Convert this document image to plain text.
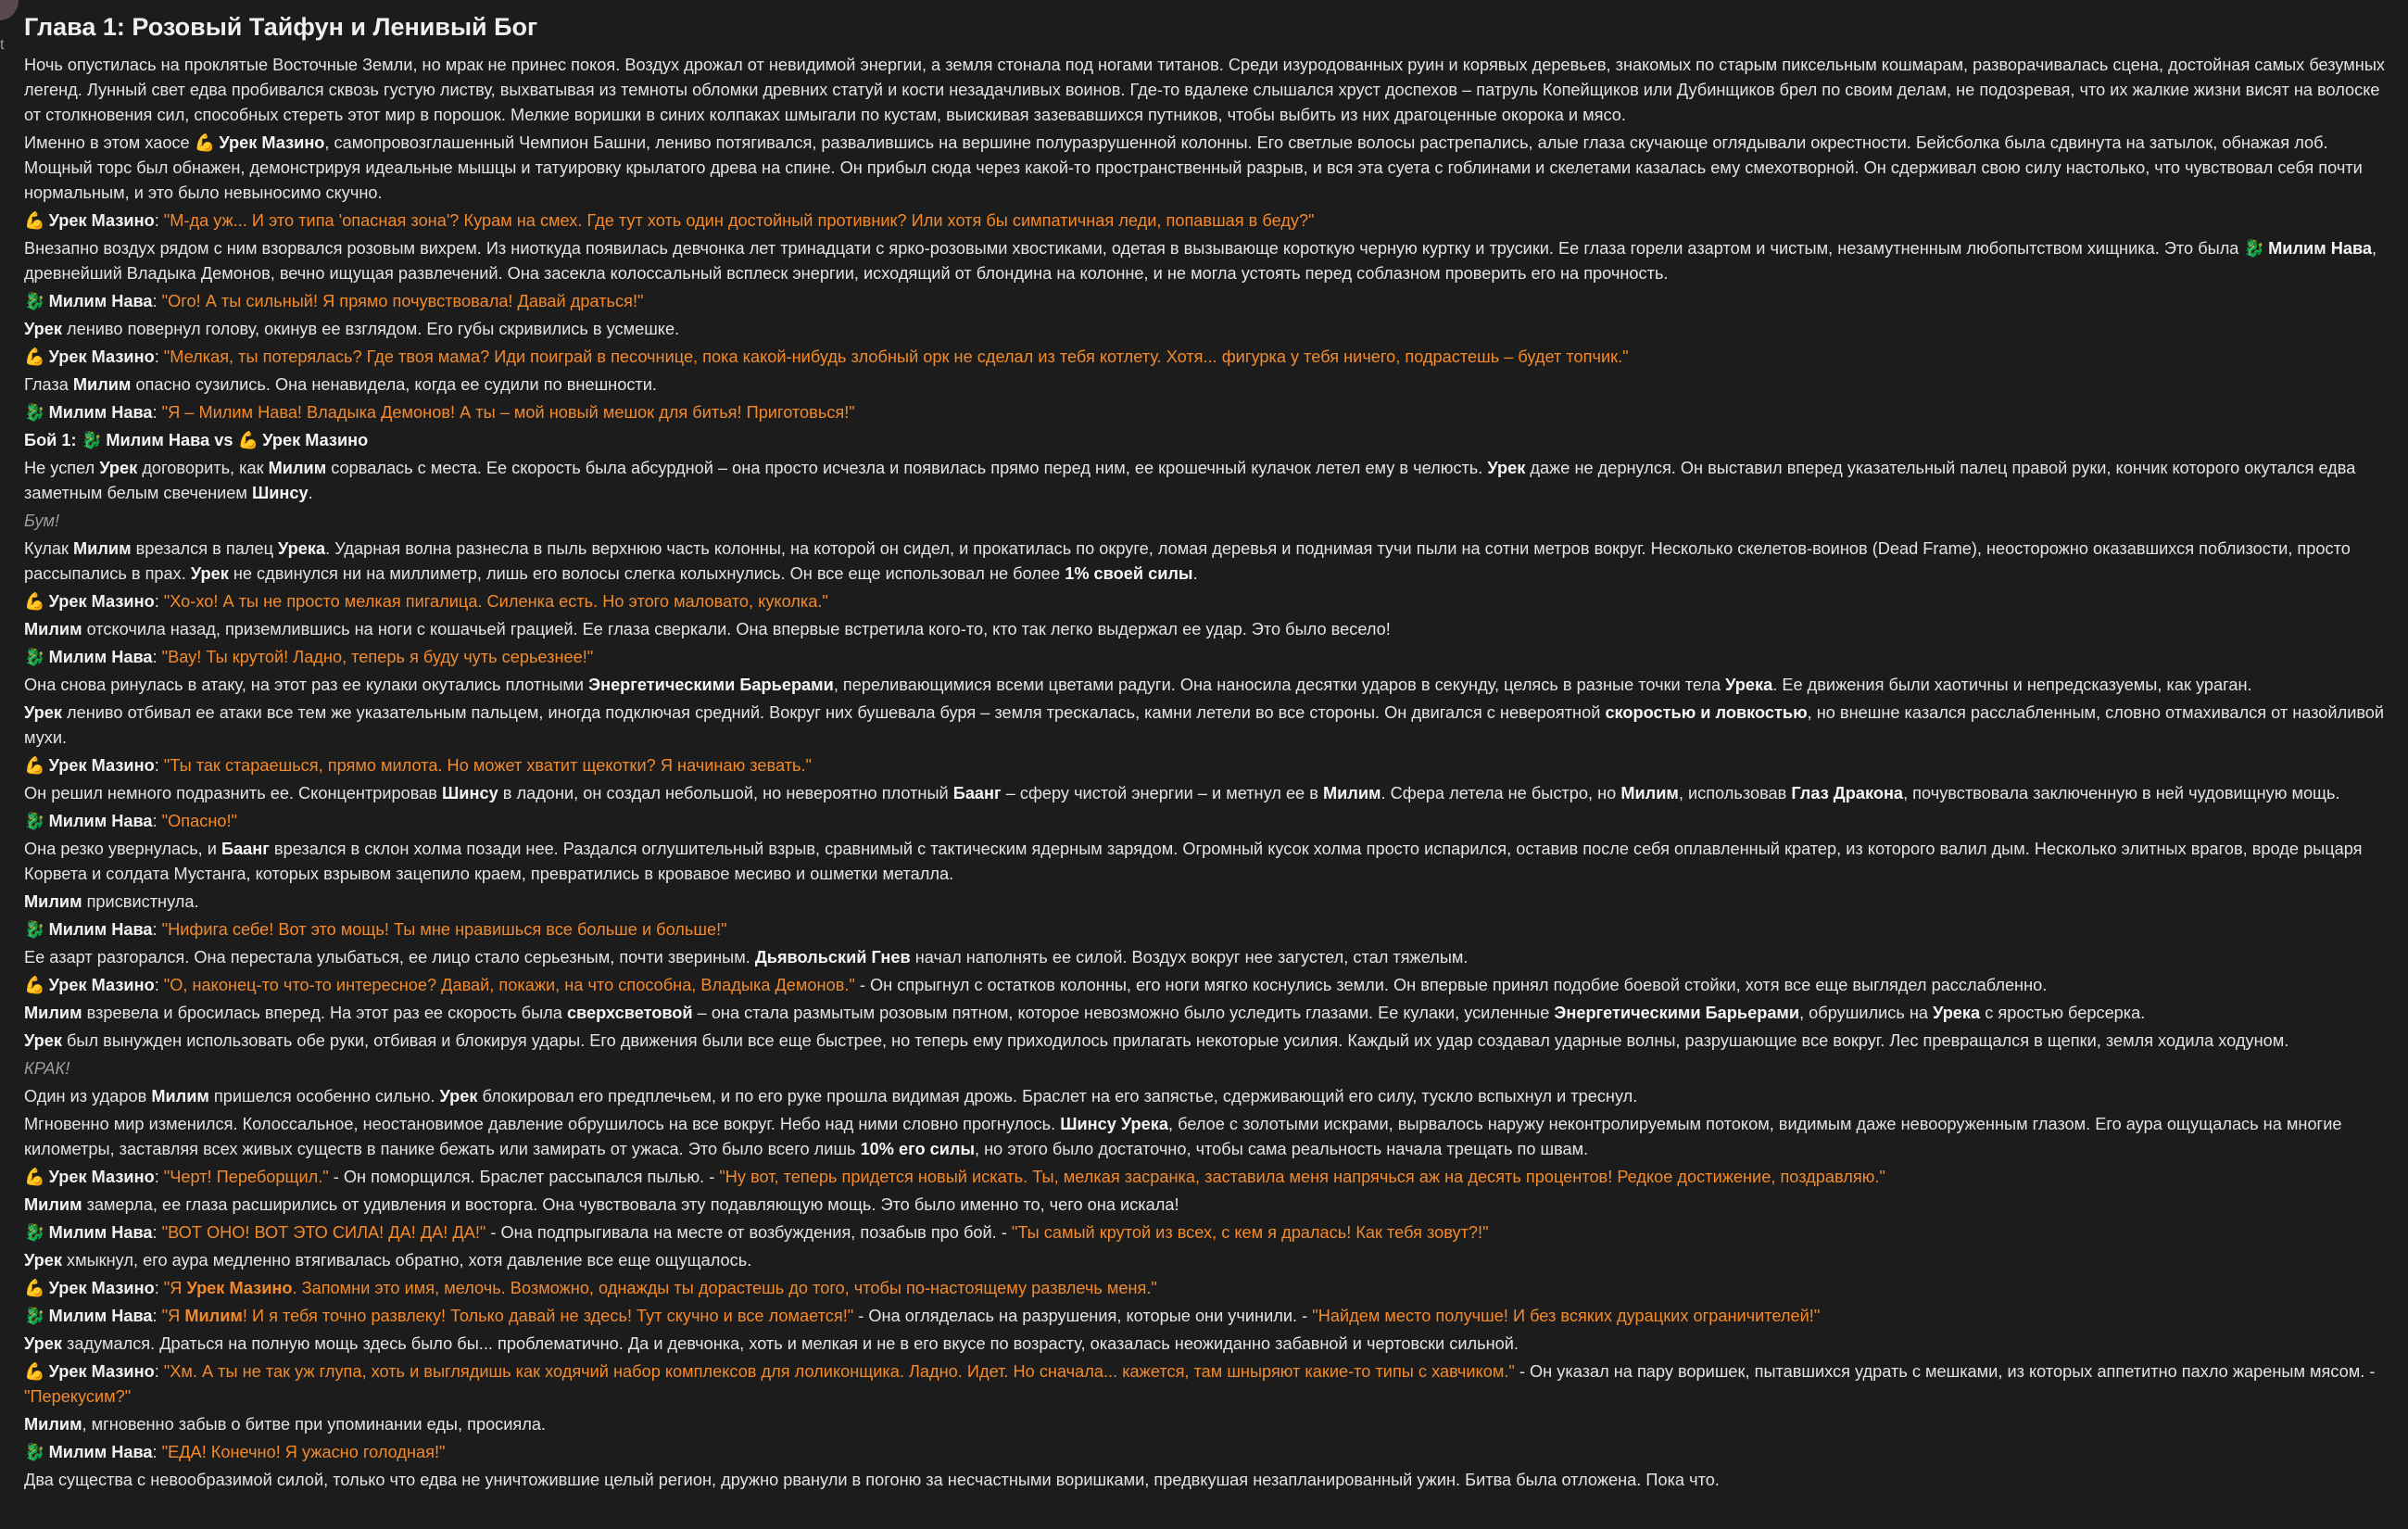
t
Глава 1: Розовый Тайфун и Ленивый Бог

Ночь опустилась на проклятые Восточные Земли, но мрак не принес покоя. Воздух дрожал от невидимой энергии, а земля стонала под ногами титанов. Среди изуродованных руин и корявых деревьев, знакомых по старым пиксельным кошмарам, разворачивалась сцена, достойная самых безумных легенд. Лунный свет едва пробивался сквозь густую листву, выхватывая из темноты обломки древних статуй и кости незадачливых воинов. Где-то вдалеке слышался хруст доспехов – патруль Копейщиков или Дубинщиков брел по своим делам, не подозревая, что их жалкие жизни висят на волоске от столкновения сил, способных стереть этот мир в порошок. Мелкие воришки в синих колпаках шмыгали по кустам, выискивая зазевавшихся путников, чтобы выбить из них драгоценные окорока и мясо.

Именно в этом хаосе 💪 Урек Мазино, самопровозглашенный Чемпион Башни, лениво потягивался, развалившись на вершине полуразрушенной колонны. Его светлые волосы растрепались, алые глаза скучающе оглядывали окрестности. Бейсболка была сдвинута на затылок, обнажая лоб. Мощный торс был обнажен, демонстрируя идеальные мышцы и татуировку крылатого древа на спине. Он прибыл сюда через какой-то пространственный разрыв, и вся эта суета с гоблинами и скелетами казалась ему смехотворной. Он сдерживал свою силу настолько, что чувствовал себя почти нормальным, и это было невыносимо скучно.

💪 Урек Мазино: "М-да уж... И это типа 'опасная зона'? Курам на смех. Где тут хоть один достойный противник? Или хотя бы симпатичная леди, попавшая в беду?"

Внезапно воздух рядом с ним взорвался розовым вихрем. Из ниоткуда появилась девчонка лет тринадцати с ярко-розовыми хвостиками, одетая в вызывающе короткую черную куртку и трусики. Ее глаза горели азартом и чистым, незамутненным любопытством хищника. Это была 🐉 Милим Нава, древнейший Владыка Демонов, вечно ищущая развлечений. Она засекла колоссальный всплеск энергии, исходящий от блондина на колонне, и не могла устоять перед соблазном проверить его на прочность.

🐉 Милим Нава: "Ого! А ты сильный! Я прямо почувствовала! Давай драться!"

Урек лениво повернул голову, окинув ее взглядом. Его губы скривились в усмешке.

💪 Урек Мазино: "Мелкая, ты потерялась? Где твоя мама? Иди поиграй в песочнице, пока какой-нибудь злобный орк не сделал из тебя котлету. Хотя... фигурка у тебя ничего, подрастешь – будет топчик."

Глаза Милим опасно сузились. Она ненавидела, когда ее судили по внешности.

🐉 Милим Нава: "Я – Милим Нава! Владыка Демонов! А ты – мой новый мешок для битья! Приготовься!"

Бой 1: 🐉 Милим Нава vs 💪 Урек Мазино

Не успел Урек договорить, как Милим сорвалась с места. Ее скорость была абсурдной – она просто исчезла и появилась прямо перед ним, ее крошечный кулачок летел ему в челюсть. Урек даже не дернулся. Он выставил вперед указательный палец правой руки, кончик которого окутался едва заметным белым свечением Шинсу.

Бум!

Кулак Милим врезался в палец Урека. Ударная волна разнесла в пыль верхнюю часть колонны, на которой он сидел, и прокатилась по округе, ломая деревья и поднимая тучи пыли на сотни метров вокруг. Несколько скелетов-воинов (Dead Frame), неосторожно оказавшихся поблизости, просто рассыпались в прах. Урек не сдвинулся ни на миллиметр, лишь его волосы слегка колыхнулись. Он все еще использовал не более 1% своей силы.

💪 Урек Мазино: "Хо-хо! А ты не просто мелкая пигалица. Силенка есть. Но этого маловато, куколка."

Милим отскочила назад, приземлившись на ноги с кошачьей грацией. Ее глаза сверкали. Она впервые встретила кого-то, кто так легко выдержал ее удар. Это было весело!

🐉 Милим Нава: "Вау! Ты крутой! Ладно, теперь я буду чуть серьезнее!"

Она снова ринулась в атаку, на этот раз ее кулаки окутались плотными Энергетическими Барьерами, переливающимися всеми цветами радуги. Она наносила десятки ударов в секунду, целясь в разные точки тела Урека. Ее движения были хаотичны и непредсказуемы, как ураган.

Урек лениво отбивал ее атаки все тем же указательным пальцем, иногда подключая средний. Вокруг них бушевала буря – земля трескалась, камни летели во все стороны. Он двигался с невероятной скоростью и ловкостью, но внешне казался расслабленным, словно отмахивался от назойливой мухи.

💪 Урек Мазино: "Ты так стараешься, прямо милота. Но может хватит щекотки? Я начинаю зевать."

Он решил немного подразнить ее. Сконцентрировав Шинсу в ладони, он создал небольшой, но невероятно плотный Баанг – сферу чистой энергии – и метнул ее в Милим. Сфера летела не быстро, но Милим, использовав Глаз Дракона, почувствовала заключенную в ней чудовищную мощь.

🐉 Милим Нава: "Опасно!"

Она резко увернулась, и Баанг врезался в склон холма позади нее. Раздался оглушительный взрыв, сравнимый с тактическим ядерным зарядом. Огромный кусок холма просто испарился, оставив после себя оплавленный кратер, из которого валил дым. Несколько элитных врагов, вроде рыцаря Корвета и солдата Мустанга, которых взрывом зацепило краем, превратились в кровавое месиво и ошметки металла.

Милим присвистнула.

🐉 Милим Нава: "Нифига себе! Вот это мощь! Ты мне нравишься все больше и больше!"

Ее азарт разгорался. Она перестала улыбаться, ее лицо стало серьезным, почти звериным. Дьявольский Гнев начал наполнять ее силой. Воздух вокруг нее загустел, стал тяжелым.

💪 Урек Мазино: "О, наконец-то что-то интересное? Давай, покажи, на что способна, Владыка Демонов." - Он спрыгнул с остатков колонны, его ноги мягко коснулись земли. Он впервые принял подобие боевой стойки, хотя все еще выглядел расслабленно.

Милим взревела и бросилась вперед. На этот раз ее скорость была сверхсветовой – она стала размытым розовым пятном, которое невозможно было уследить глазами. Ее кулаки, усиленные Энергетическими Барьерами, обрушились на Урека с яростью берсерка.

Урек был вынужден использовать обе руки, отбивая и блокируя удары. Его движения были все еще быстрее, но теперь ему приходилось прилагать некоторые усилия. Каждый их удар создавал ударные волны, разрушающие все вокруг. Лес превращался в щепки, земля ходила ходуном.

КРАК!

Один из ударов Милим пришелся особенно сильно. Урек блокировал его предплечьем, и по его руке прошла видимая дрожь. Браслет на его запястье, сдерживающий его силу, тускло вспыхнул и треснул.

Мгновенно мир изменился. Колоссальное, неостановимое давление обрушилось на все вокруг. Небо над ними словно прогнулось. Шинсу Урека, белое с золотыми искрами, вырвалось наружу неконтролируемым потоком, видимым даже невооруженным глазом. Его аура ощущалась на многие километры, заставляя всех живых существ в панике бежать или замирать от ужаса. Это было всего лишь 10% его силы, но этого было достаточно, чтобы сама реальность начала трещать по швам.

💪 Урек Мазино: "Черт! Переборщил." - Он поморщился. Браслет рассыпался пылью. - "Ну вот, теперь придется новый искать. Ты, мелкая засранка, заставила меня напрячься аж на десять процентов! Редкое достижение, поздравляю."

Милим замерла, ее глаза расширились от удивления и восторга. Она чувствовала эту подавляющую мощь. Это было именно то, чего она искала!

🐉 Милим Нава: "ВОТ ОНО! ВОТ ЭТО СИЛА! ДА! ДА! ДА!" - Она подпрыгивала на месте от возбуждения, позабыв про бой. - "Ты самый крутой из всех, с кем я дралась! Как тебя зовут?!"

Урек хмыкнул, его аура медленно втягивалась обратно, хотя давление все еще ощущалось.

💪 Урек Мазино: "Я Урек Мазино. Запомни это имя, мелочь. Возможно, однажды ты дорастешь до того, чтобы по-настоящему развлечь меня."

🐉 Милим Нава: "Я Милим! И я тебя точно развлеку! Только давай не здесь! Тут скучно и все ломается!" - Она огляделась на разрушения, которые они учинили. - "Найдем место получше! И без всяких дурацких ограничителей!"

Урек задумался. Драться на полную мощь здесь было бы... проблематично. Да и девчонка, хоть и мелкая и не в его вкусе по возрасту, оказалась неожиданно забавной и чертовски сильной.

💪 Урек Мазино: "Хм. А ты не так уж глупа, хоть и выглядишь как ходячий набор комплексов для лоликонщика. Ладно. Идет. Но сначала... кажется, там шныряют какие-то типы с хавчиком." - Он указал на пару воришек, пытавшихся удрать с мешками, из которых аппетитно пахло жареным мясом. - "Перекусим?"

Милим, мгновенно забыв о битве при упоминании еды, просияла.

🐉 Милим Нава: "ЕДА! Конечно! Я ужасно голодная!"

Два существа с невообразимой силой, только что едва не уничтожившие целый регион, дружно рванули в погоню за несчастными воришками, предвкушая незапланированный ужин. Битва была отложена. Пока что.
